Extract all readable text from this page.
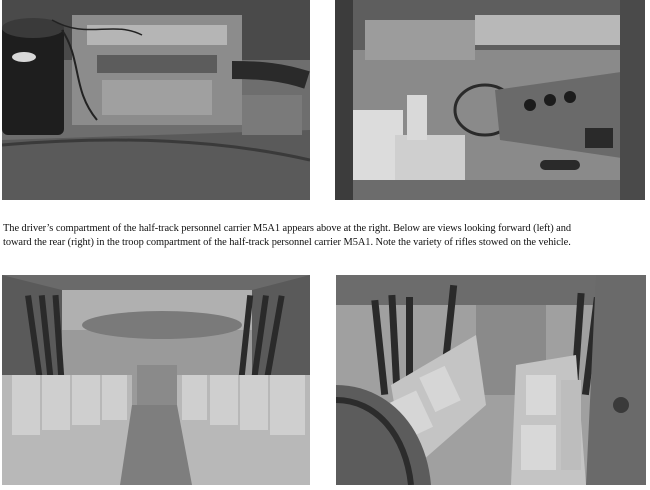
The driver’s compartment of the half-track personnel carrier M5A1 appears above at the right. Below are views looking forward (left) and
toward the rear (right) in the troop compartment of the half-track personnel carrier M5A1. Note the variety of rifles stowed on the vehicle.
